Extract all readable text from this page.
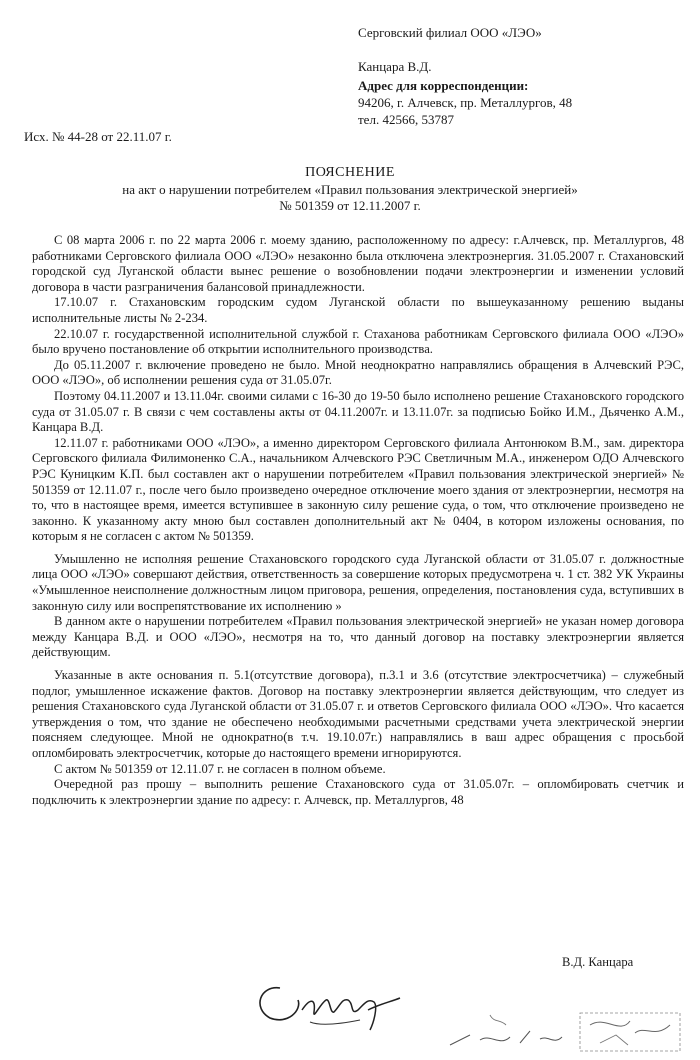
Серговский филиал ООО «ЛЭО»
Канцара В.Д.
Адрес для корреспонденции:
94206, г. Алчевск, пр. Металлургов, 48
тел. 42566, 53787
Исх. № 44-28 от 22.11.07 г.
ПОЯСНЕНИЕ
на акт о нарушении потребителем «Правил пользования электрической энергией»
№ 501359 от 12.11.2007 г.

С 08 марта 2006 г. по 22 марта 2006 г. моему зданию, расположенному по адресу: г.Алчевск, пр. Металлургов, 48 работниками Серговского филиала ООО «ЛЭО» незаконно была отключена электроэнергия. 31.05.2007 г. Стахановский городской суд Луганской области вынес решение о возобновлении подачи электроэнергии и изменении условий договора в части разграничения балансовой принадлежности.

17.10.07 г. Стахановским городским судом Луганской области по вышеуказанному решению выданы исполнительные листы № 2-234.

22.10.07 г. государственной исполнительной службой г. Стаханова работникам Серговского филиала ООО «ЛЭО» было вручено постановление об открытии исполнительного производства.

До 05.11.2007 г. включение проведено не было. Мной неоднократно направлялись обращения в Алчевский РЭС, ООО «ЛЭО», об исполнении решения суда от 31.05.07г.

Поэтому 04.11.2007 и 13.11.04г. своими силами с 16-30 до 19-50 было исполнено решение Стахановского городского суда от 31.05.07 г. В связи с чем составлены акты от 04.11.2007г. и 13.11.07г. за подписью Бойко И.М., Дьяченко А.М., Канцара В.Д.

12.11.07 г. работниками ООО «ЛЭО», а именно директором Серговского филиала Антонюком В.М., зам. директора Серговского филиала Филимоненко С.А., начальником Алчевского РЭС Светличным М.А., инженером ОДО Алчевского РЭС Куницким К.П. был составлен акт о нарушении потребителем «Правил пользования электрической энергией» № 501359 от 12.11.07 г., после чего было произведено очередное отключение моего здания от электроэнергии, несмотря на то, что в настоящее время, имеется вступившее в законную силу решение суда, о том, что отключение произведено не законно. К указанному акту мною был составлен дополнительный акт № 0404, в котором изложены основания, по которым я не согласен с актом № 501359.

Умышленно не исполняя решение Стахановского городского суда Луганской области от 31.05.07 г. должностные лица ООО «ЛЭО» совершают действия, ответственность за совершение которых предусмотрена ч. 1 ст. 382 УК Украины «Умышленное неисполнение должностным лицом приговора, решения, определения, постановления суда, вступивших в законную силу или воспрепятствование их исполнению »

В данном акте о нарушении потребителем «Правил пользования электрической энергией» не указан номер договора между Канцара В.Д. и ООО «ЛЭО», несмотря на то, что данный договор на поставку электроэнергии является действующим.

Указанные в акте основания п. 5.1(отсутствие договора), п.3.1 и 3.6 (отсутствие электросчетчика) – служебный подлог, умышленное искажение фактов. Договор на поставку электроэнергии является действующим, что следует из решения Стахановского суда Луганской области от 31.05.07 г. и ответов Серговского филиала ООО «ЛЭО». Что касается утверждения о том, что здание не обеспечено необходимыми расчетными средствами учета электрической энергии поясняем следующее. Мной не однократно(в т.ч. 19.10.07г.) направлялись в ваш адрес обращения с просьбой опломбировать электросчетчик, которые до настоящего времени игнорируются.

С актом № 501359 от 12.11.07 г. не согласен в полном объеме.

Очередной раз прошу – выполнить решение Стахановского суда от 31.05.07г. – опломбировать счетчик и подключить к электроэнергии здание по адресу: г. Алчевск, пр. Металлургов, 48

В.Д. Канцара
